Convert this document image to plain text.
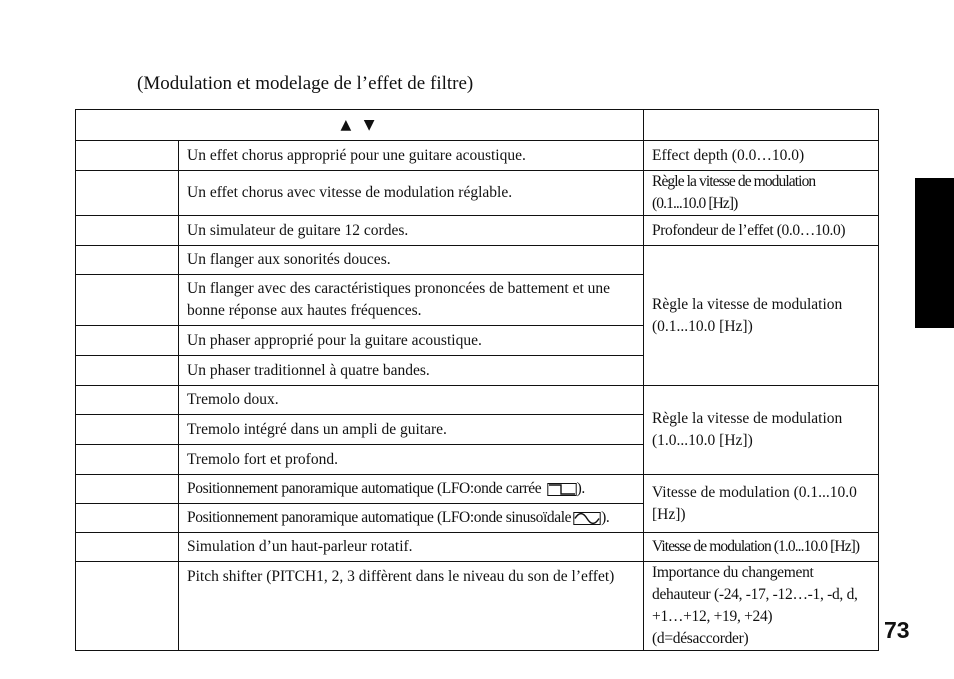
(Modulation et modelage de l’effet de filtre)
73
▲ ▼		
	Un effet chorus approprié pour une guitare acoustique.	Effect depth (0.0…10.0)
	Un effet chorus avec vitesse de modulation réglable.	Règle la vitesse de modulation (0.1...10.0 [Hz])
	Un simulateur de guitare 12 cordes.	Profondeur de l’effet (0.0…10.0)
	Un flanger aux sonorités douces.	Règle la vitesse de modulation (0.1...10.0 [Hz])
	Un flanger avec des caractéristiques prononcées de battement et une bonne réponse aux hautes fréquences.	
	Un phaser approprié pour la guitare acoustique.	
	Un phaser traditionnel à quatre bandes.	
	Tremolo doux.	Règle la vitesse de modulation (1.0...10.0 [Hz])
	Tremolo intégré dans un ampli de guitare.	
	Tremolo fort et profond.	
	Positionnement panoramique automatique (LFO:onde carrée ).	Vitesse de modulation (0.1...10.0 [Hz])
	Positionnement panoramique automatique (LFO:onde sinusoïdale ).	
	Simulation d’un haut-parleur rotatif.	Vitesse de modulation (1.0...10.0 [Hz])
	Pitch shifter (PITCH1, 2, 3 diffèrent dans le niveau du son de l’effet)	Importance du changement dehauteur (-24, -17, -12…-1, -d, d, +1…+12, +19, +24) (d=désaccorder)
